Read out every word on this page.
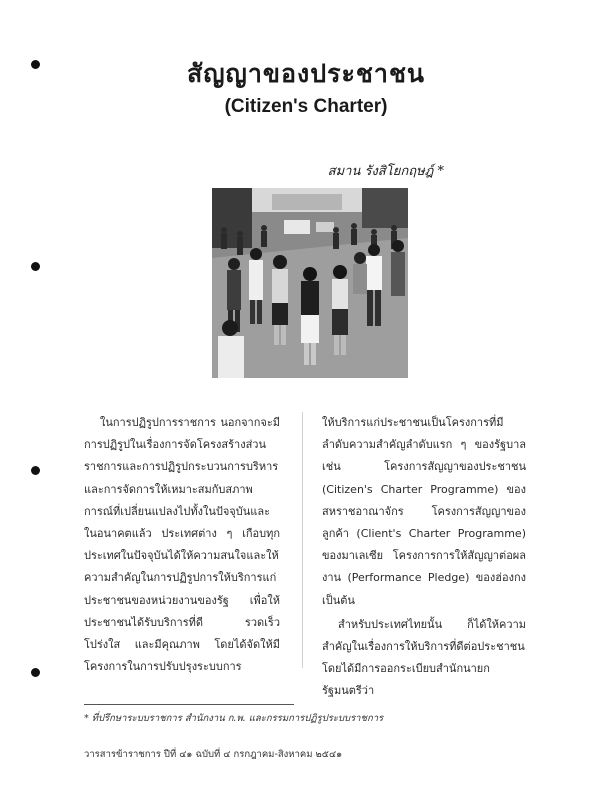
สัญญาของประชาชน
(Citizen's Charter)
สมาน รังสิโยกฤษฎ์ *

ในการปฏิรูปการราชการ นอกจากจะมีการปฏิรูปในเรื่องการจัดโครงสร้างส่วนราชการและการปฏิรูปกระบวนการบริหารและการจัดการให้เหมาะสมกับสภาพการณ์ที่เปลี่ยนแปลงไปทั้งในปัจจุบันและในอนาคตแล้ว ประเทศต่าง ๆ เกือบทุกประเทศในปัจจุบันได้ให้ความสนใจและให้ความสำคัญในการปฏิรูปการให้บริการแก่ประชาชนของหน่วยงานของรัฐ เพื่อให้ประชาชนได้รับบริการที่ดี รวดเร็ว โปร่งใส และมีคุณภาพ โดยได้จัดให้มีโครงการในการปรับปรุงระบบการ

ให้บริการแก่ประชาชนเป็นโครงการที่มีลำดับความสำคัญลำดับแรก ๆ ของรัฐบาล เช่น โครงการสัญญาของประชาชน (Citizen's Charter Programme) ของสหราชอาณาจักร โครงการสัญญาของลูกค้า (Client's Charter Programme) ของมาเลเซีย โครงการการให้สัญญาต่อผลงาน (Performance Pledge) ของฮ่องกง เป็นต้น

สำหรับประเทศไทยนั้น ก็ได้ให้ความสำคัญในเรื่องการให้บริการที่ดีต่อประชาชน โดยได้มีการออกระเบียบสำนักนายกรัฐมนตรีว่า

* ที่ปรึกษาระบบราชการ สำนักงาน ก.พ. และกรรมการปฏิรูประบบราชการ
วารสารข้าราชการ ปีที่ ๔๑ ฉบับที่ ๔ กรกฎาคม-สิงหาคม ๒๕๔๑
